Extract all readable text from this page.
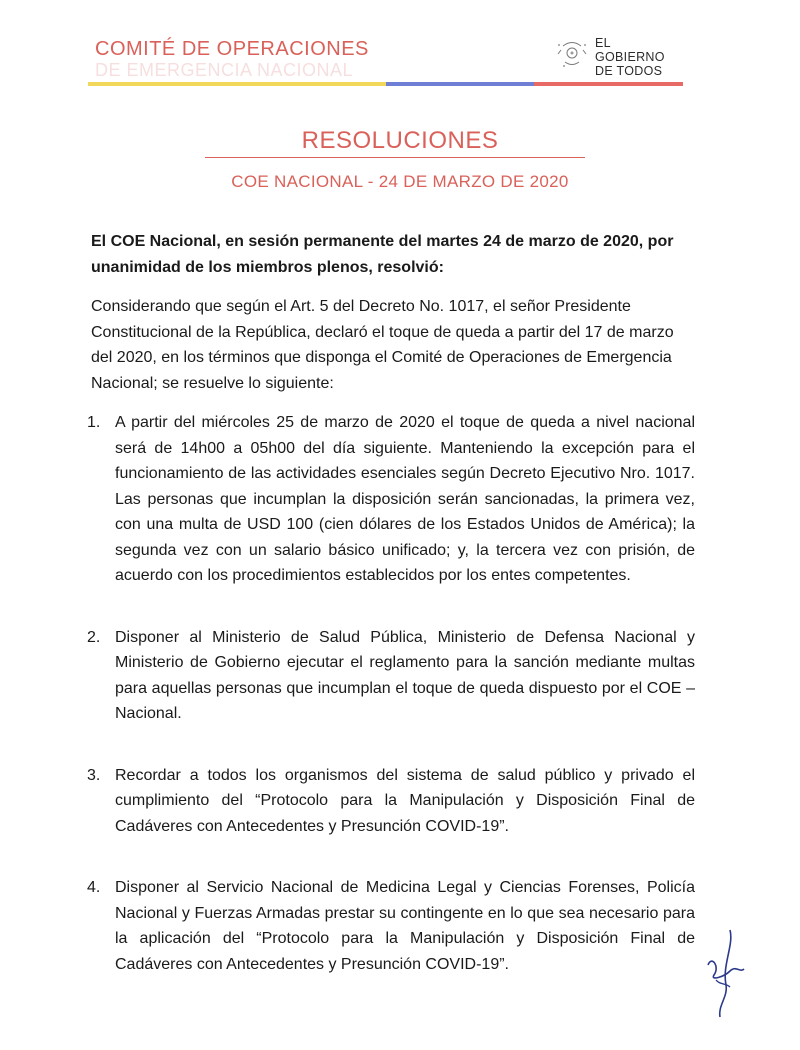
COMITÉ DE OPERACIONES
DE EMERGENCIA NACIONAL
EL
GOBIERNO
DE TODOS
RESOLUCIONES
COE NACIONAL - 24 DE MARZO DE 2020

El COE Nacional, en sesión permanente del martes 24 de marzo de 2020, por unanimidad de los miembros plenos, resolvió:

Considerando que según el Art. 5 del Decreto No. 1017, el señor Presidente Constitucional de la República, declaró el toque de queda a partir del 17 de marzo del 2020, en los términos que disponga el Comité de Operaciones de Emergencia Nacional; se resuelve lo siguiente:

1. A partir del miércoles 25 de marzo de 2020 el toque de queda a nivel nacional será de 14h00 a 05h00 del día siguiente. Manteniendo la excepción para el funcionamiento de las actividades esenciales según Decreto Ejecutivo Nro. 1017. Las personas que incumplan la disposición serán sancionadas, la primera vez, con una multa de USD 100 (cien dólares de los Estados Unidos de América); la segunda vez con un salario básico unificado; y, la tercera vez con prisión, de acuerdo con los procedimientos establecidos por los entes competentes.
2. Disponer al Ministerio de Salud Pública, Ministerio de Defensa Nacional y Ministerio de Gobierno ejecutar el reglamento para la sanción mediante multas para aquellas personas que incumplan el toque de queda dispuesto por el COE – Nacional.
3. Recordar a todos los organismos del sistema de salud público y privado el cumplimiento del “Protocolo para la Manipulación y Disposición Final de Cadáveres con Antecedentes y Presunción COVID-19”.
4. Disponer al Servicio Nacional de Medicina Legal y Ciencias Forenses, Policía Nacional y Fuerzas Armadas prestar su contingente en lo que sea necesario para la aplicación del “Protocolo para la Manipulación y Disposición Final de Cadáveres con Antecedentes y Presunción COVID-19”.
